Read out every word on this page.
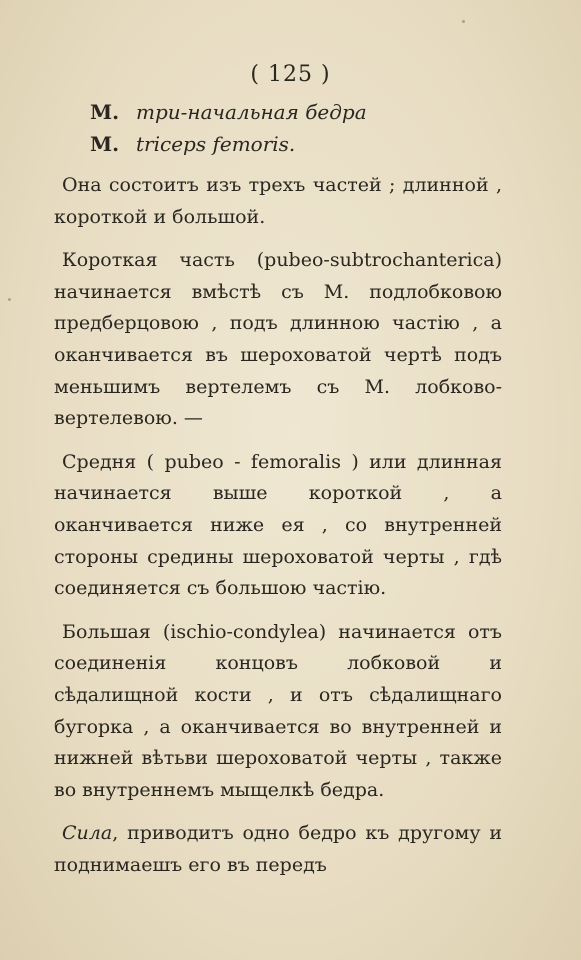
( 125 )
M. три-начальная бедра
M. triceps femoris.

Она состоитъ изъ трехъ частей ; длинной , короткой и большой.

Короткая часть (pubeo-subtrochanterica) начинается вмѣстѣ съ M. подлобковою предберцовою , подъ длинною частію , а оканчивается въ шероховатой чертѣ подъ меньшимъ вертелемъ съ M. лобково-вертелевою. —

Средня ( pubeo - femoralis ) или длинная начинается выше короткой , а оканчивается ниже ея , со внутренней стороны средины шероховатой черты , гдѣ соединяется съ большою частію.

Большая (ischio-condylea) начинается отъ соединенія концовъ лобковой и сѣдалищной кости , и отъ сѣдалищнаго бугорка , а оканчивается во внутренней и нижней вѣтьви шероховатой черты , также во внутреннемъ мыщелкѣ бедра.

Сила, приводитъ одно бедро къ другому и поднимаешъ его въ передъ
